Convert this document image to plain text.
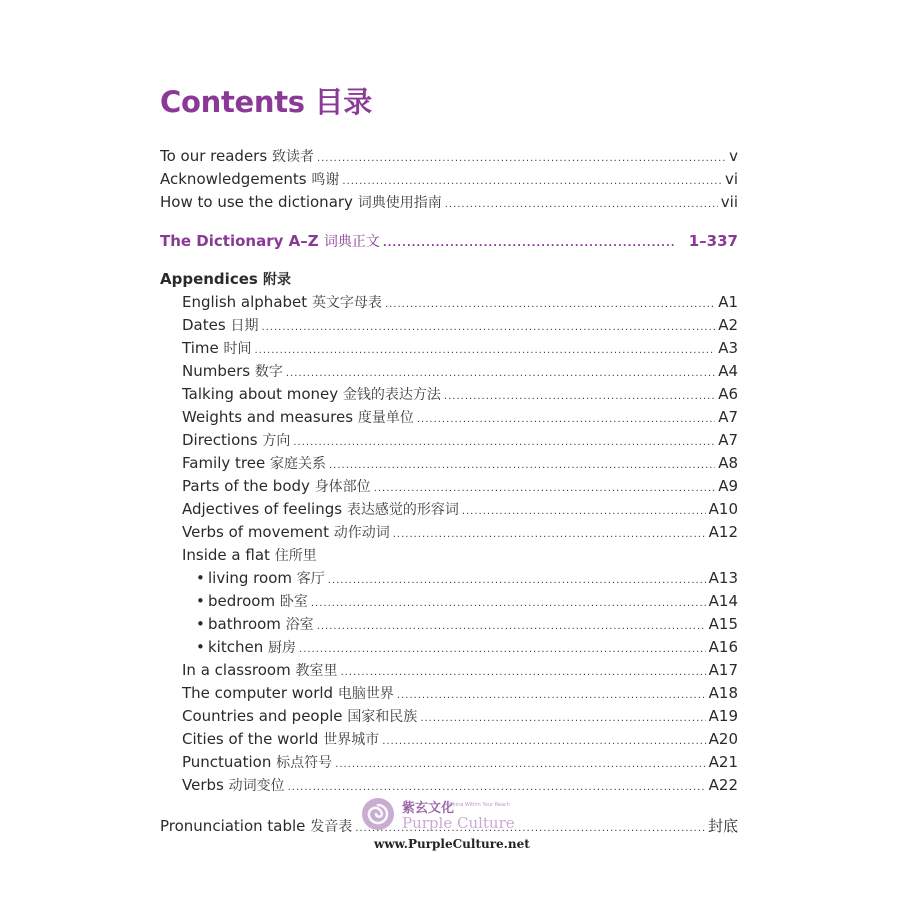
Contents 目录
To our readers 致读者 .....	v
Acknowledgements 鸣谢 .....	vi
How to use the dictionary 词典使用指南 .....	vii
The Dictionary A–Z 词典正文 .....	1–337
Appendices 附录
English alphabet 英文字母表 .....	A1
Dates 日期 .....	A2
Time 时间 .....	A3
Numbers 数字 .....	A4
Talking about money 金钱的表达方法 .....	A6
Weights and measures 度量单位 .....	A7
Directions 方向 .....	A7
Family tree 家庭关系 .....	A8
Parts of the body 身体部位 .....	A9
Adjectives of feelings 表达感觉的形容词 .....	A10
Verbs of movement 动作动词 .....	A12
Inside a flat 住所里
• living room 客厅 .....	A13
• bedroom 卧室 .....	A14
• bathroom 浴室 .....	A15
• kitchen 厨房 .....	A16
In a classroom 教室里 .....	A17
The computer world 电脑世界 .....	A18
Countries and people 国家和民族 .....	A19
Cities of the world 世界城市 .....	A20
Punctuation 标点符号 .....	A21
Verbs 动词变位 .....	A22
Pronunciation table 发音表 .....	封底
紫玄文化
A China Within Your Reach
Purple Culture
www.PurpleCulture.net
